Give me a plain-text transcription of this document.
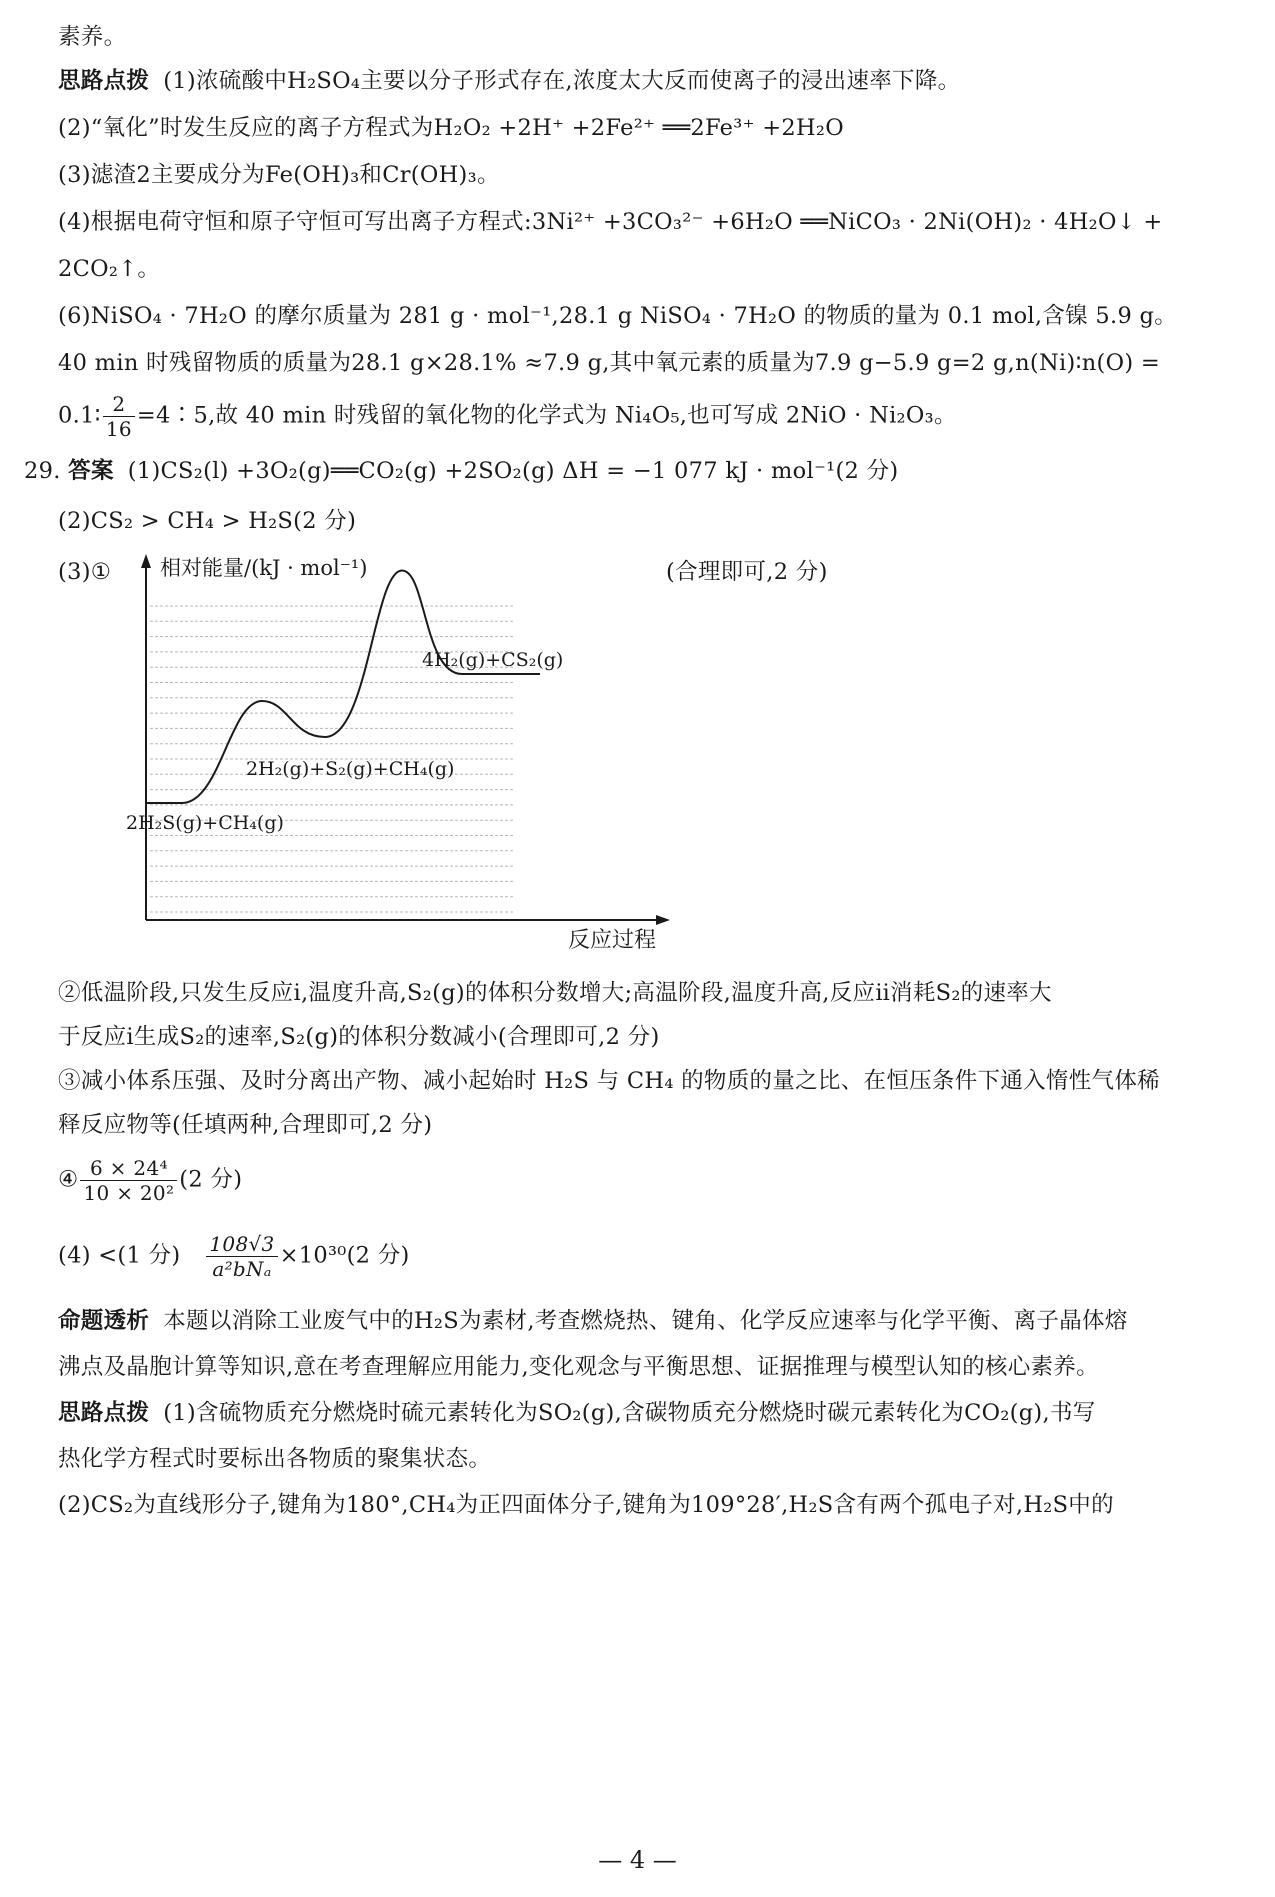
素养。
思路点拨 (1)浓硫酸中H₂SO₄主要以分子形式存在,浓度太大反而使离子的浸出速率下降。
(2)“氧化”时发生反应的离子方程式为H₂O₂ +2H⁺ +2Fe²⁺ ══2Fe³⁺ +2H₂O
(3)滤渣2主要成分为Fe(OH)₃和Cr(OH)₃。
(4)根据电荷守恒和原子守恒可写出离子方程式:3Ni²⁺ +3CO₃²⁻ +6H₂O ══NiCO₃ · 2Ni(OH)₂ · 4H₂O↓ +
2CO₂↑。
(6)NiSO₄ · 7H₂O 的摩尔质量为 281 g · mol⁻¹,28.1 g NiSO₄ · 7H₂O 的物质的量为 0.1 mol,含镍 5.9 g。
40 min 时残留物质的质量为28.1 g×28.1% ≈7.9 g,其中氧元素的质量为7.9 g−5.9 g=2 g,n(Ni)∶n(O) =
0.1∶ $\frac{2}{16}$ =4∶5,故 40 min 时残留的氧化物的化学式为 Ni₄O₅,也可写成 2NiO · Ni₂O₃。
29. 答案 (1)CS₂(l) +3O₂(g)══CO₂(g) +2SO₂(g) ΔH = −1 077 kJ · mol⁻¹(2 分)
(2)CS₂ > CH₄ > H₂S(2 分)
(3)①	(合理即可,2 分)
相对能量/(kJ · mol⁻¹)
反应过程
2H₂S(g)+CH₄(g)
2H₂(g)+S₂(g)+CH₄(g)
4H₂(g)+CS₂(g)
②低温阶段,只发生反应ⅰ,温度升高,S₂(g)的体积分数增大;高温阶段,温度升高,反应ⅱ消耗S₂的速率大
于反应ⅰ生成S₂的速率,S₂(g)的体积分数减小(合理即可,2 分)
③减小体系压强、及时分离出产物、减小起始时 H₂S 与 CH₄ 的物质的量之比、在恒压条件下通入惰性气体稀
释反应物等(任填两种,合理即可,2 分)
④ $\frac{\text{6 × 24⁴}}{\text{10 × 20²}} (2$ 分)
(4) <(1 分) $\frac{108√3}{\text{a²bNₐ}} \times 10^{30}(2$ 分)
命题透析 本题以消除工业废气中的H₂S为素材,考查燃烧热、键角、化学反应速率与化学平衡、离子晶体熔
沸点及晶胞计算等知识,意在考查理解应用能力,变化观念与平衡思想、证据推理与模型认知的核心素养。
思路点拨 (1)含硫物质充分燃烧时硫元素转化为SO₂(g),含碳物质充分燃烧时碳元素转化为CO₂(g),书写
热化学方程式时要标出各物质的聚集状态。
(2)CS₂为直线形分子,键角为180°,CH₄为正四面体分子,键角为109°28′,H₂S含有两个孤电子对,H₂S中的
— 4 —
